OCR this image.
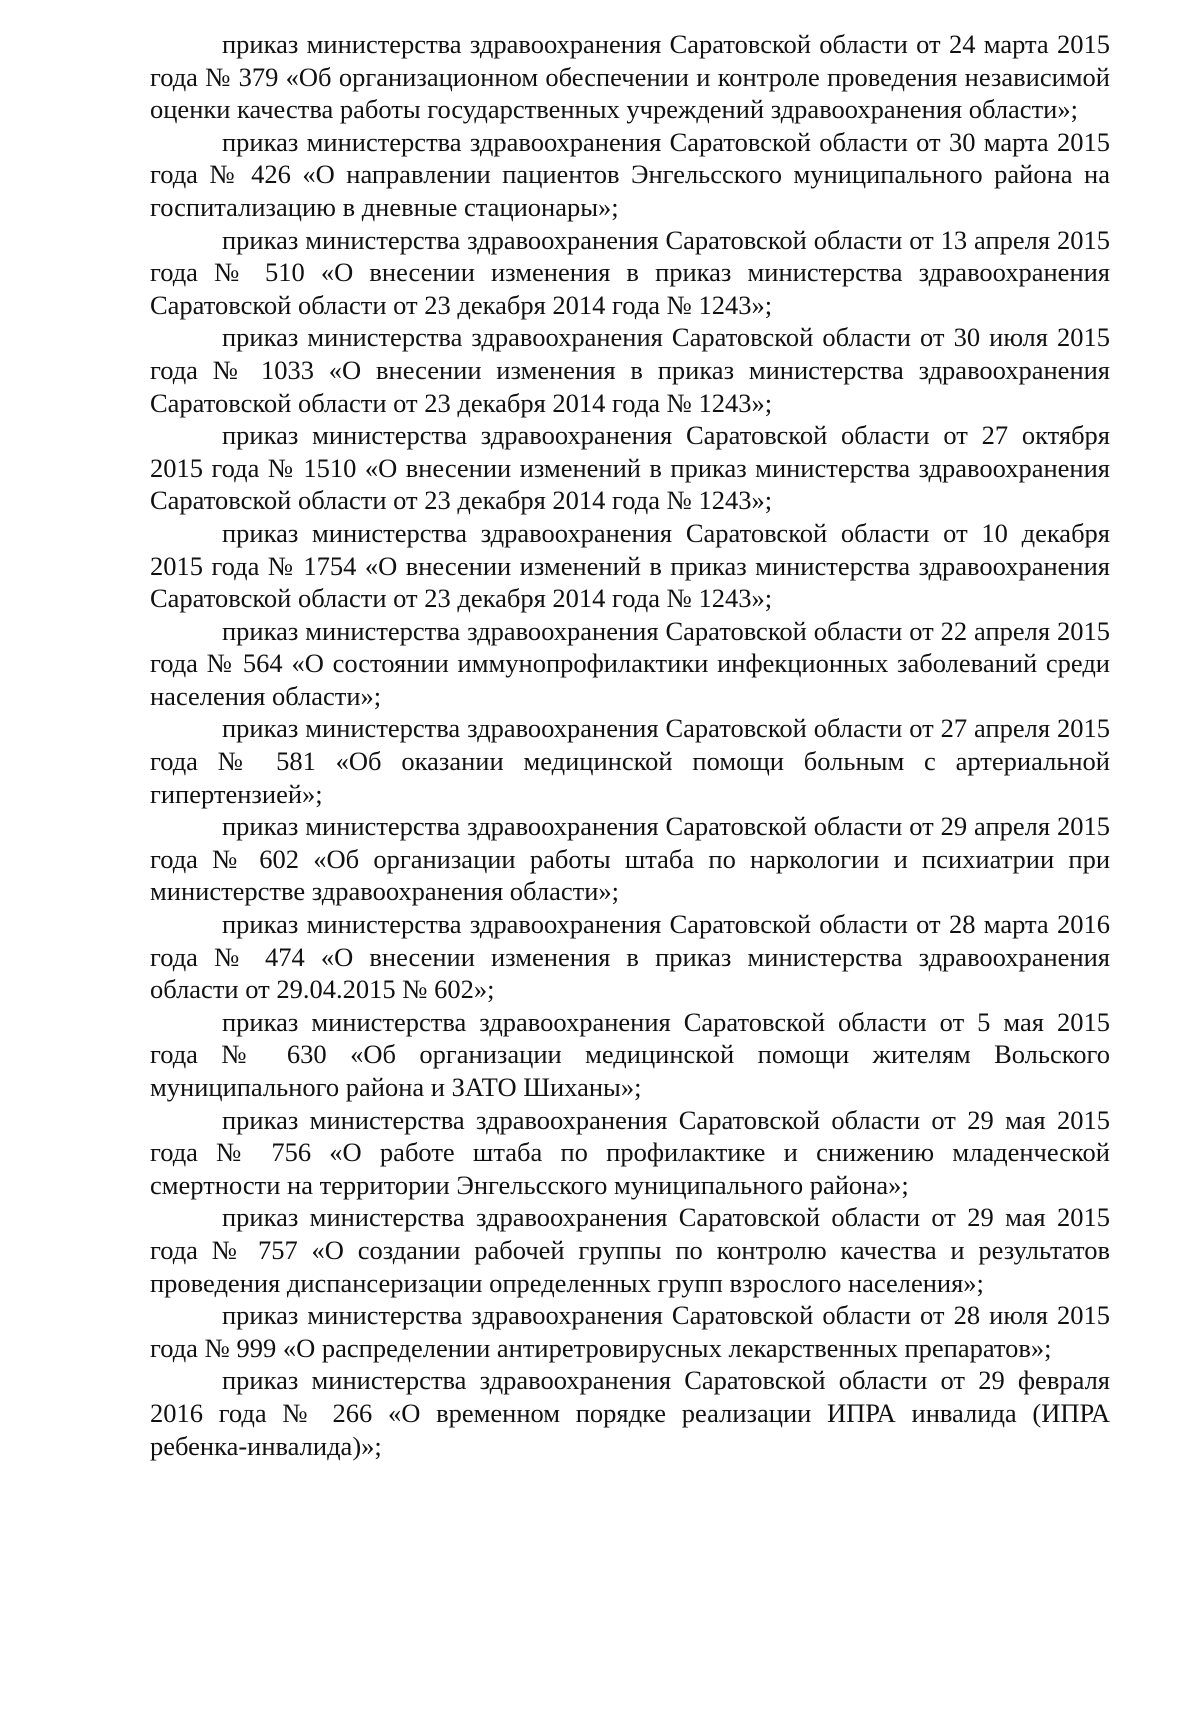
приказ министерства здравоохранения Саратовской области от 24 марта 2015 года № 379 «Об организационном обеспечении и контроле проведения независимой оценки качества работы государственных учреждений здравоохранения области»;

приказ министерства здравоохранения Саратовской области от 30 марта 2015 года № 426 «О направлении пациентов Энгельсского муниципального района на госпитализацию в дневные стационары»;

приказ министерства здравоохранения Саратовской области от 13 апреля 2015 года № 510 «О внесении изменения в приказ министерства здравоохранения Саратовской области от 23 декабря 2014 года № 1243»;

приказ министерства здравоохранения Саратовской области от 30 июля 2015 года № 1033 «О внесении изменения в приказ министерства здравоохранения Саратовской области от 23 декабря 2014 года № 1243»;

приказ министерства здравоохранения Саратовской области от 27 октября 2015 года № 1510 «О внесении изменений в приказ министерства здравоохранения Саратовской области от 23 декабря 2014 года № 1243»;

приказ министерства здравоохранения Саратовской области от 10 декабря 2015 года № 1754 «О внесении изменений в приказ министерства здравоохранения Саратовской области от 23 декабря 2014 года № 1243»;

приказ министерства здравоохранения Саратовской области от 22 апреля 2015 года № 564 «О состоянии иммунопрофилактики инфекционных заболеваний среди населения области»;

приказ министерства здравоохранения Саратовской области от 27 апреля 2015 года № 581 «Об оказании медицинской помощи больным с артериальной гипертензией»;

приказ министерства здравоохранения Саратовской области от 29 апреля 2015 года № 602 «Об организации работы штаба по наркологии и психиатрии при министерстве здравоохранения области»;

приказ министерства здравоохранения Саратовской области от 28 марта 2016 года № 474 «О внесении изменения в приказ министерства здравоохранения области от 29.04.2015 № 602»;

приказ министерства здравоохранения Саратовской области от 5 мая 2015 года № 630 «Об организации медицинской помощи жителям Вольского муниципального района и ЗАТО Шиханы»;

приказ министерства здравоохранения Саратовской области от 29 мая 2015 года № 756 «О работе штаба по профилактике и снижению младенческой смертности на территории Энгельсского муниципального района»;

приказ министерства здравоохранения Саратовской области от 29 мая 2015 года № 757 «О создании рабочей группы по контролю качества и результатов проведения диспансеризации определенных групп взрослого населения»;

приказ министерства здравоохранения Саратовской области от 28 июля 2015 года № 999 «О распределении антиретровирусных лекарственных препаратов»;

приказ министерства здравоохранения Саратовской области от 29 февраля 2016 года № 266 «О временном порядке реализации ИПРА инвалида (ИПРА ребенка-инвалида)»;
